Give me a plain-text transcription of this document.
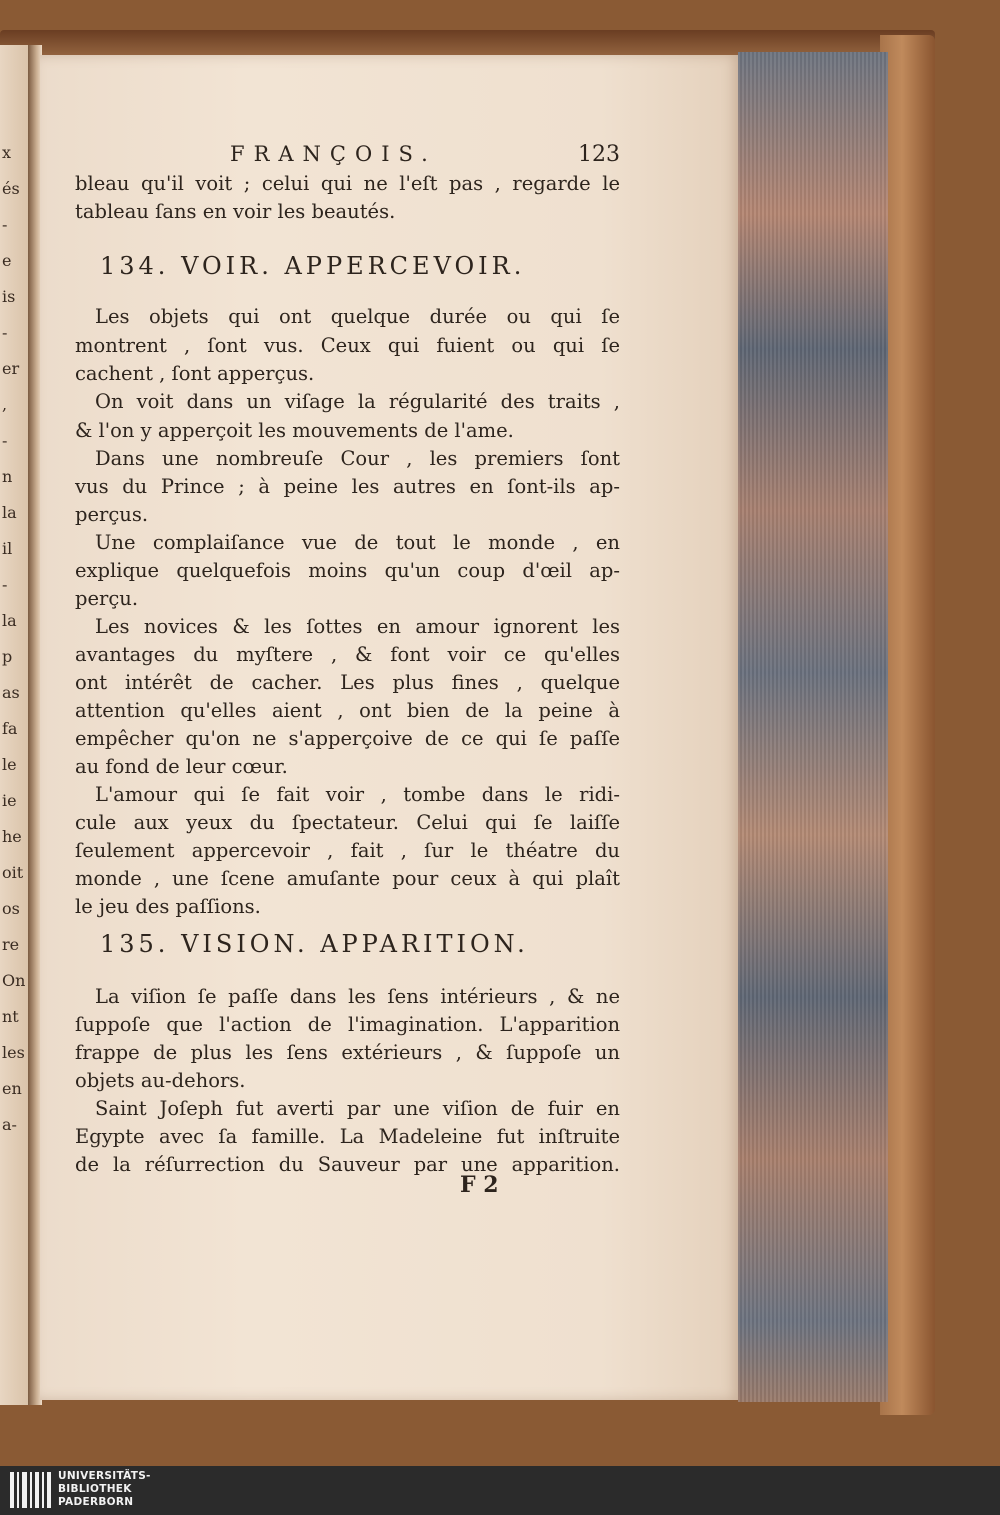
x
és
-
e
is
-
er
,
-
n
la
il
-
la
p
as
fa
le
ie
he
oit
os
re
On
nt
les
en
a-
FRANÇOIS.	123
bleau qu'il voit ; celui qui ne l'eſt pas , regarde le
tableau ſans en voir les beautés.
134. VOIR. APPERCEVOIR.
Les objets qui ont quelque durée ou qui ſe
montrent , ſont vus. Ceux qui fuient ou qui ſe
cachent , ſont apperçus.
On voit dans un viſage la régularité des traits ,
& l'on y apperçoit les mouvements de l'ame.
Dans une nombreuſe Cour , les premiers ſont
vus du Prince ; à peine les autres en ſont-ils ap-
perçus.
Une complaiſance vue de tout le monde , en
explique quelquefois moins qu'un coup d'œil ap-
perçu.
Les novices & les ſottes en amour ignorent les
avantages du myſtere , & font voir ce qu'elles
ont intérêt de cacher. Les plus fines , quelque
attention qu'elles aient , ont bien de la peine à
empêcher qu'on ne s'apperçoive de ce qui ſe paſſe
au fond de leur cœur.
L'amour qui ſe fait voir , tombe dans le ridi-
cule aux yeux du ſpectateur. Celui qui ſe laiſſe
ſeulement appercevoir , fait , ſur le théatre du
monde , une ſcene amuſante pour ceux à qui plaît
le jeu des paſſions.
135. VISION. APPARITION.
La viſion ſe paſſe dans les ſens intérieurs , & ne
ſuppoſe que l'action de l'imagination. L'apparition
frappe de plus les ſens extérieurs , & ſuppoſe un
objets au-dehors.
Saint Joſeph fut averti par une viſion de fuir en
Egypte avec ſa famille. La Madeleine fut inſtruite
de la réſurrection du Sauveur par une apparition.
F 2
UNIVERSITÄTS-
BIBLIOTHEK
PADERBORN
